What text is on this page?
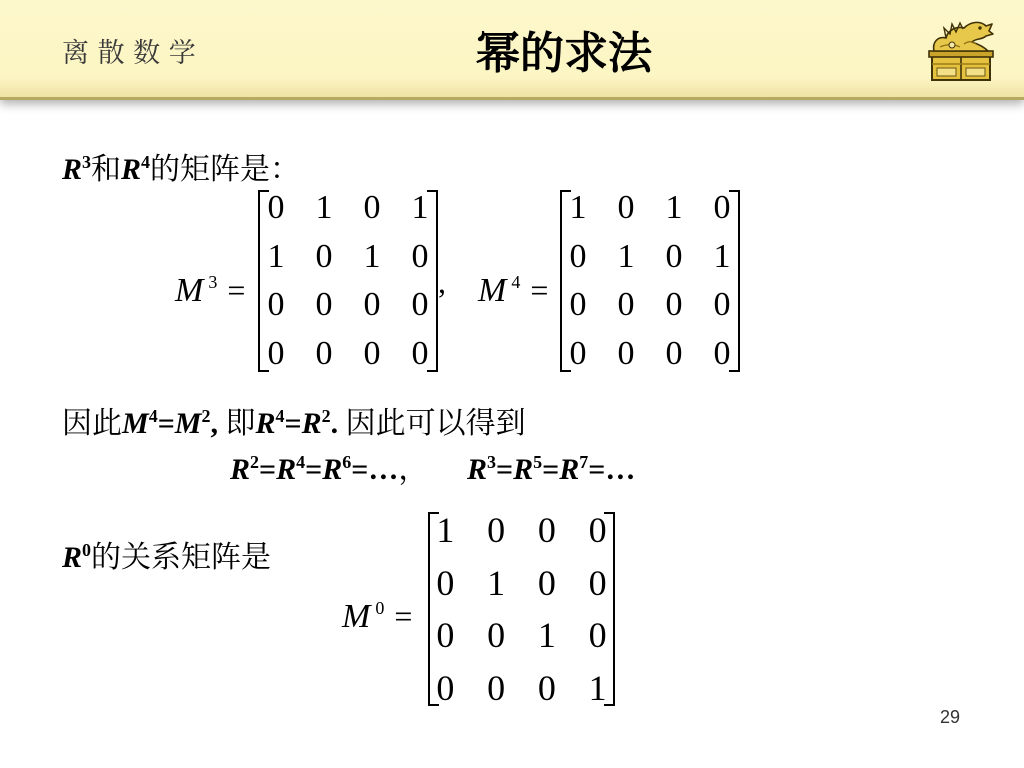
离 散 数 学	幂的求法
$R^3$和$R^4$的矩阵是：
M 3 =
0 1 0 1
1 0 1 0
0 0 0 0
0 0 0 0
, M 4 =
1 0 1 0
0 1 0 1
0 0 0 0
0 0 0 0
因此$M^4=M^2$, 即$R^4=R^2$. 因此可以得到
$R^2=R^4=R^6=\dots$， $R^3=R^5=R^7=\dots$
$R^0$的关系矩阵是
M 0 =
1 0 0 0
0 1 0 0
0 0 1 0
0 0 0 1
29
